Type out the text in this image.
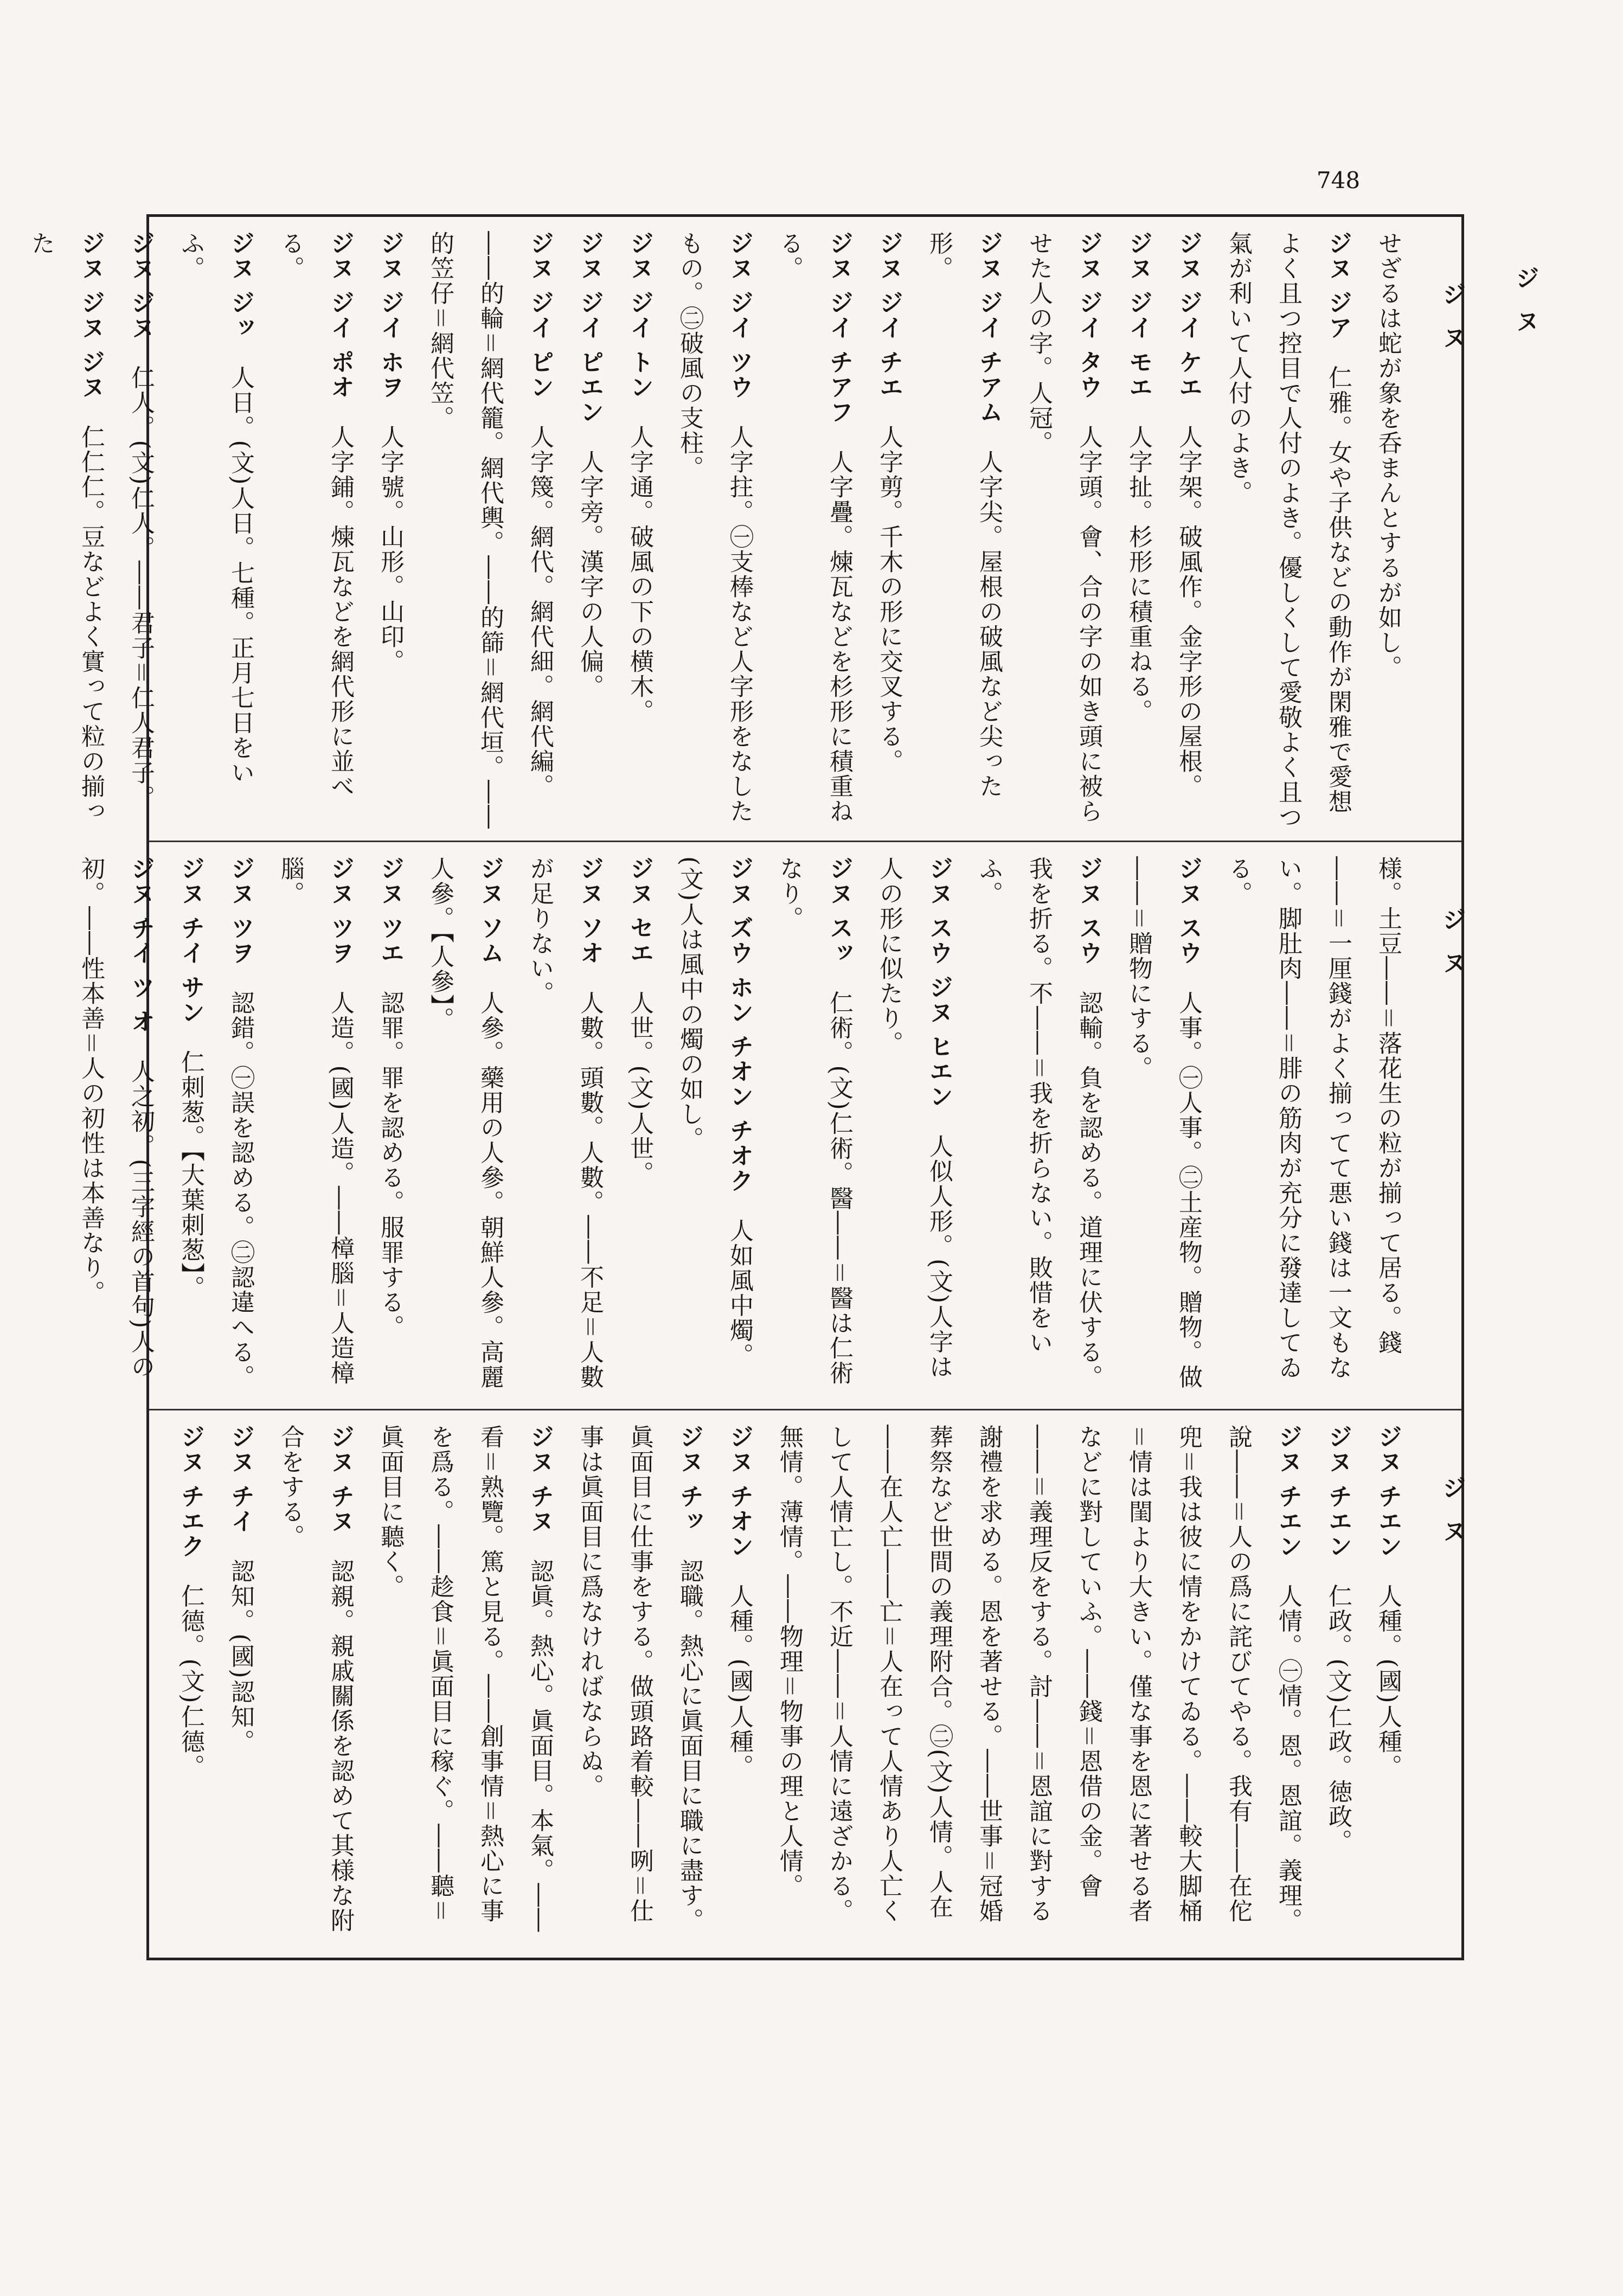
748
ジ ヌ
ジ ヌ

せざるは蛇が象を呑まんとするが如し。

ジヌ ジア仁雅。女や子供などの動作が閑雅で愛想よく且つ控目で人付のよき。優しくして愛敬よく且つ氣が利いて人付のよき。

ジヌ ジイ ケエ人字架。破風作。金字形の屋根。

ジヌ ジイ モエ人字扯。杉形に積重ねる。

ジヌ ジイ タウ人字頭。會、合の字の如き頭に被らせた人の字。人冠。

ジヌ ジイ チアム人字尖。屋根の破風など尖った形。

ジヌ ジイ チエ人字剪。千木の形に交叉する。

ジヌ ジイ チアフ人字疊。煉瓦などを杉形に積重ねる。

ジヌ ジイ ツウ人字拄。㊀支棒など人字形をなしたもの。㊁破風の支柱。

ジヌ ジイ トン人字通。破風の下の横木。

ジヌ ジイ ピエン人字旁。漢字の人偏。

ジヌ ジイ ピン人字篾。網代。網代細。網代編。――的輪＝網代籠。網代輿。――的篩＝網代垣。――的笠仔＝網代笠。

ジヌ ジイ ホヲ人字號。山形。山印。

ジヌ ジイ ポオ人字鋪。煉瓦などを網代形に並べる。

ジヌ ジッ人日。(文)人日。七種。正月七日をいふ。

ジヌ ジヌ仁人。(文)仁人。――君子＝仁人君子。

ジヌ ジヌ ジヌ仁仁仁。豆などよく實って粒の揃った

ジ ヌ

様。土豆――＝落花生の粒が揃って居る。錢――＝一厘錢がよく揃ってて悪い錢は一文もない。脚肚肉――＝腓の筋肉が充分に發達してゐる。

ジヌ スウ人事。㊀人事。㊁土産物。贈物。做――＝贈物にする。

ジヌ スウ認輸。負を認める。道理に伏する。我を折る。不――＝我を折らない。敗惜をいふ。

ジヌ スウ ジヌ ヒエン人似人形。(文)人字は人の形に似たり。

ジヌ スッ仁術。(文)仁術。醫――＝醫は仁術なり。

ジヌ ズウ ホン チオン チオク人如風中燭。(文)人は風中の燭の如し。

ジヌ セエ人世。(文)人世。

ジヌ ソオ人數。頭數。人數。――不足＝人數が足りない。

ジヌ ソム人參。藥用の人參。朝鮮人參。高麗人參。【人參】。

ジヌ ツエ認罪。罪を認める。服罪する。

ジヌ ツヲ人造。(國)人造。――樟腦＝人造樟腦。

ジヌ ツヲ認錯。㊀誤を認める。㊁認違へる。

ジヌ チイ サン仁刺葱。【大葉刺葱】。

ジヌ チイ ツ オ人之初。(三字經の首句)人の初。――性本善＝人の初性は本善なり。

ジ ヌ

ジヌ チエン人種。(國)人種。

ジヌ チエン仁政。(文)仁政。徳政。

ジヌ チエン人情。㊀情。恩。恩誼。義理。說――＝人の爲に詫びてやる。我有――在佗兜＝我は彼に情をかけてゐる。――較大脚桶＝情は閨より大きい。僅な事を恩に著せる者などに對していふ。――錢＝恩借の金。會――＝義理反をする。討――＝恩誼に對する謝禮を求める。恩を著せる。――世事＝冠婚葬祭など世間の義理附合。㊁(文)人情。人在――在人亡――亡＝人在って人情あり人亡くして人情亡し。不近――＝人情に遠ざかる。無情。薄情。――物理＝物事の理と人情。

ジヌ チオン人種。(國)人種。

ジヌ チッ認職。熱心に眞面目に職に盡す。眞面目に仕事をする。做頭路着較――咧＝仕事は眞面目に爲なければならぬ。

ジヌ チヌ認眞。熱心。眞面目。本氣。――看＝熟覽。篤と見る。――創事情＝熱心に事を爲る。――趁食＝眞面目に稼ぐ。――聽＝眞面目に聽く。

ジヌ チヌ認親。親戚關係を認めて其様な附合をする。

ジヌ チイ認知。(國)認知。

ジヌ チエク仁德。(文)仁德。
